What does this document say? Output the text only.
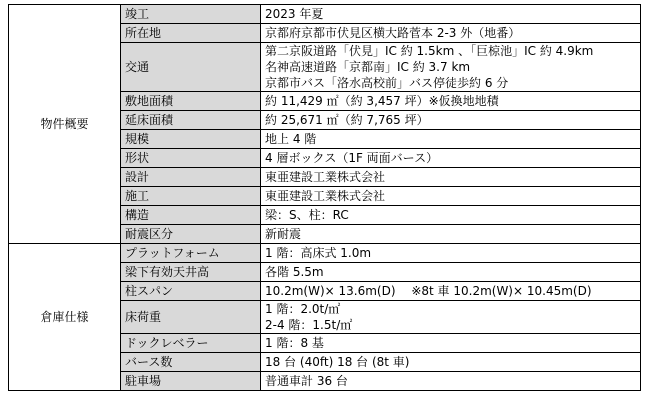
物件概要	竣工	2023 年夏

	所在地	京都府京都市伏見区横大路菅本 2-3 外（地番）

	交通	第二京阪道路「伏見」IC 約 1.5km 、「巨椋池」IC 約 4.9km
名神高速道路「京都南」IC 約 3.7 km
京都市バス「洛水高校前」バス停徒歩約 6 分

	敷地面積	約 11,429 ㎡（約 3,457 坪）※仮換地地積

	延床面積	約 25,671 ㎡（約 7,765 坪）

	規模	地上 4 階

	形状	4 層ボックス（1F 両面バース）

	設計	東亜建設工業株式会社

	施工	東亜建設工業株式会社

	構造	梁：S、柱：RC

	耐震区分	新耐震

倉庫仕様	プラットフォーム	1 階：高床式 1.0m

	梁下有効天井高	各階 5.5m

	柱スパン	10.2m(W)× 13.6m(D)　 ※8t 車 10.2m(W)× 10.45m(D)

	床荷重	1 階：2.0t/㎡
2-4 階：1.5t/㎡

	ドックレベラー	1 階：8 基

	バース数	18 台 (40ft) 18 台 (8t 車)

	駐車場	普通車計 36 台
